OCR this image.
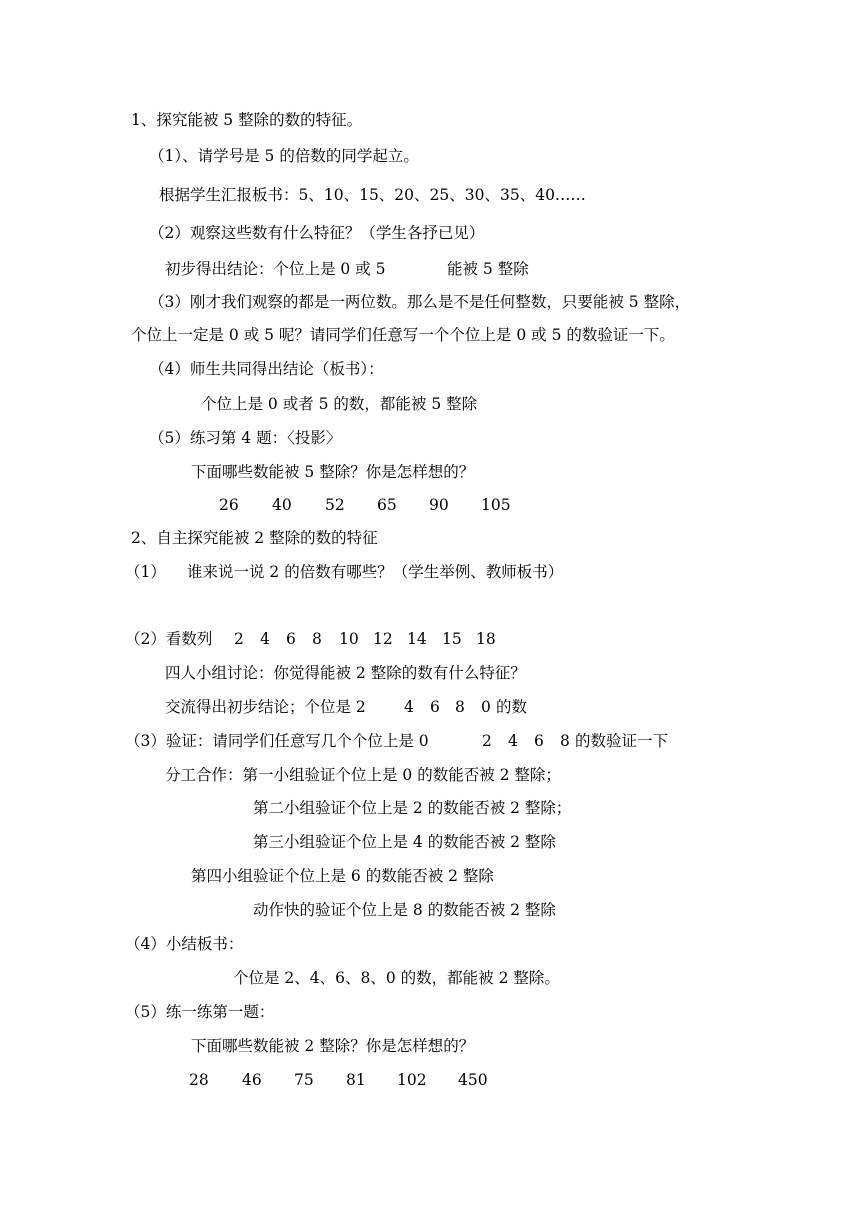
1、探究能被 5 整除的数的特征。

（1）、请学号是 5 的倍数的同学起立。

根据学生汇报板书：5、10、15、20、25、30、35、40……

（2）观察这些数有什么特征？（学生各抒已见）

初步得出结论：个位上是 0 或 5	能被 5 整除

（3）刚才我们观察的都是一两位数。那么是不是任何整数，只要能被 5 整除，

个位上一定是 0 或 5 呢？请同学们任意写一个个位上是 0 或 5 的数验证一下。

（4）师生共同得出结论（板书）：

个位上是 0 或者 5 的数，都能被 5 整除

（5）练习第 4 题：〈投影〉

下面哪些数能被 5 整除？你是怎样想的？

26 40 52 65 90 105

2、自主探究能被 2 整除的数的特征

（1） 谁来说一说 2 的倍数有哪些？（学生举例、教师板书）

（2）看数列 2 4 6 8 10 12 14 15 18

四人小组讨论：你觉得能被 2 整除的数有什么特征？

交流得出初步结论；个位是 2 4 6 8 0 的数

（3）验证：请同学们任意写几个个位上是 0	2 4 6 8 的数验证一下

分工合作：第一小组验证个位上是 0 的数能否被 2 整除；

第二小组验证个位上是 2 的数能否被 2 整除；

第三小组验证个位上是 4 的数能否被 2 整除

第四小组验证个位上是 6 的数能否被 2 整除

动作快的验证个位上是 8 的数能否被 2 整除

（4）小结板书：

个位是 2、4、6、8、0 的数，都能被 2 整除。

（5）练一练第一题：

下面哪些数能被 2 整除？你是怎样想的？

28 46 75 81 102 450
